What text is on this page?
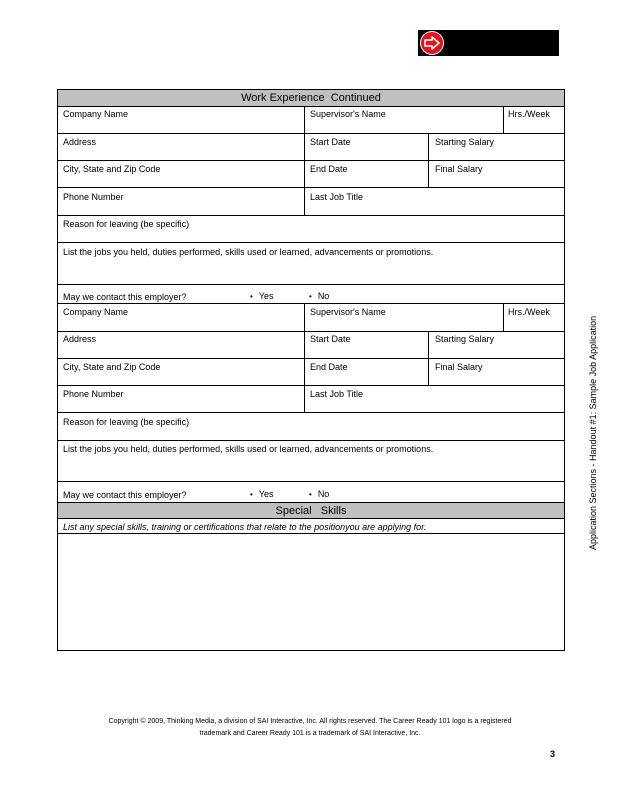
Work Experience  Continued
Company Name	Supervisor's Name	Hrs./Week
Address	Start Date	Starting Salary
City, State and Zip Code	End Date	Final Salary
Phone Number	Last Job Title
Reason for leaving (be specific)
List the jobs you held, duties performed, skills used or learned, advancements or promotions.
May we contact this employer?	• Yes	• No
Company Name	Supervisor's Name	Hrs./Week
Address	Start Date	Starting Salary
City, State and Zip Code	End Date	Final Salary
Phone Number	Last Job Title
Reason for leaving (be specific)
List the jobs you held, duties performed, skills used or learned, advancements or promotions.
May we contact this employer?	• Yes	• No
Special   Skills
List any special skills, training or certifications that relate to the positionyou are applying for.	Application Sections - Handout #1: Sample Job Application
Copyright © 2009, Thinking Media, a division of SAI Interactive, Inc. All rights reserved. The Career Ready 101 logo is a registered
trademark and Career Ready 101 is a trademark of SAI Interactive, Inc.
3
